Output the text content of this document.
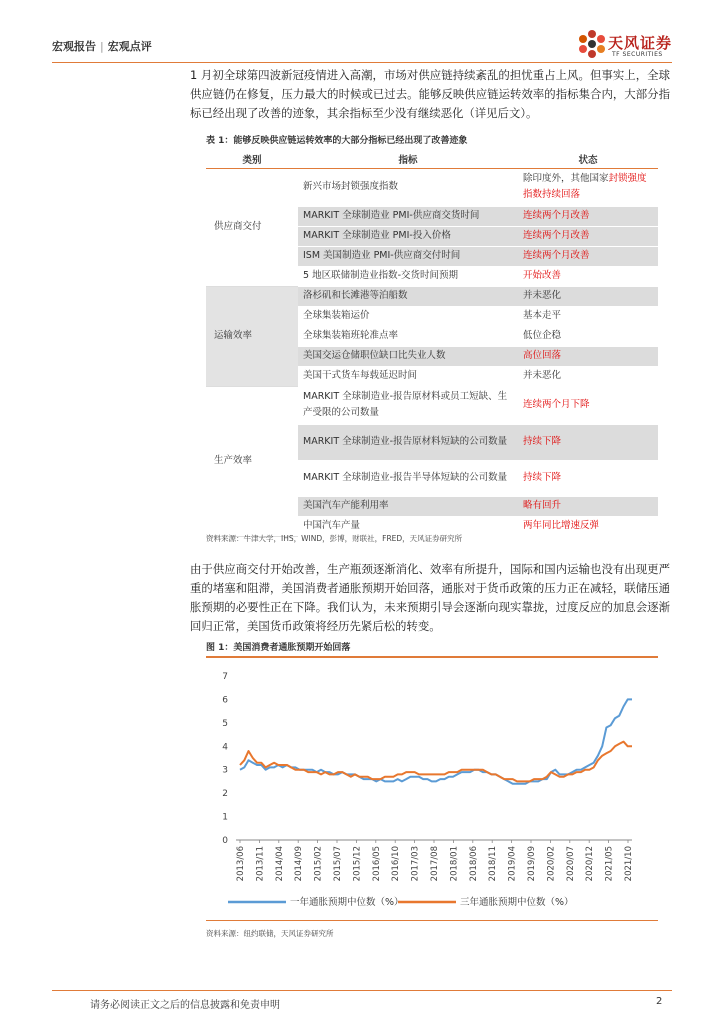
宏观报告 | 宏观点评	天风证券
TF SECURITIES

1 月初全球第四波新冠疫情进入高潮，市场对供应链持续紊乱的担忧重占上风。但事实上，全球供应链仍在修复，压力最大的时候或已过去。能够反映供应链运转效率的指标集合内，大部分指标已经出现了改善的迹象，其余指标至少没有继续恶化（详见后文）。

表 1：能够反映供应链运转效率的大部分指标已经出现了改善迹象
类别	指标	状态
供应商交付	新兴市场封锁强度指数	除印度外，其他国家封锁强度指数持续回落
	MARKIT 全球制造业 PMI-供应商交货时间	连续两个月改善
	MARKIT 全球制造业 PMI-投入价格	连续两个月改善
	ISM 美国制造业 PMI-供应商交付时间	连续两个月改善
	5 地区联储制造业指数-交货时间预期	开始改善
运输效率	洛杉矶和长滩港等泊船数	并未恶化
	全球集装箱运价	基本走平
	全球集装箱班轮准点率	低位企稳
	美国交运仓储职位缺口比失业人数	高位回落
	美国干式货车每载延迟时间	并未恶化
生产效率	MARKIT 全球制造业-报告原材料或员工短缺、生产受限的公司数量	连续两个月下降
	MARKIT 全球制造业-报告原材料短缺的公司数量	持续下降
	MARKIT 全球制造业-报告半导体短缺的公司数量	持续下降
	美国汽车产能利用率	略有回升
	中国汽车产量	两年同比增速反弹
资料来源：牛津大学，IHS，WIND，彭博，财联社，FRED，天风证券研究所

由于供应商交付开始改善，生产瓶颈逐渐消化、效率有所提升，国际和国内运输也没有出现更严重的堵塞和阻滞，美国消费者通胀预期开始回落，通胀对于货币政策的压力正在减轻，联储压通胀预期的必要性正在下降。我们认为，未来预期引导会逐渐向现实靠拢，过度反应的加息会逐渐回归正常，美国货币政策将经历先紧后松的转变。

图 1：美国消费者通胀预期开始回落
0
1
2
3
4
5
6
7
2013/06 2013/11 2014/04 2014/09 2015/02 2015/07 2015/12 2016/05 2016/10 2017/03 2017/08 2018/01 2018/06 2018/11 2019/04 2019/09 2020/02 2020/07 2020/12 2021/05 2021/10
一年通胀预期中位数（%）	三年通胀预期中位数（%）
资料来源：纽约联储，天风证券研究所
请务必阅读正文之后的信息披露和免责申明	2
